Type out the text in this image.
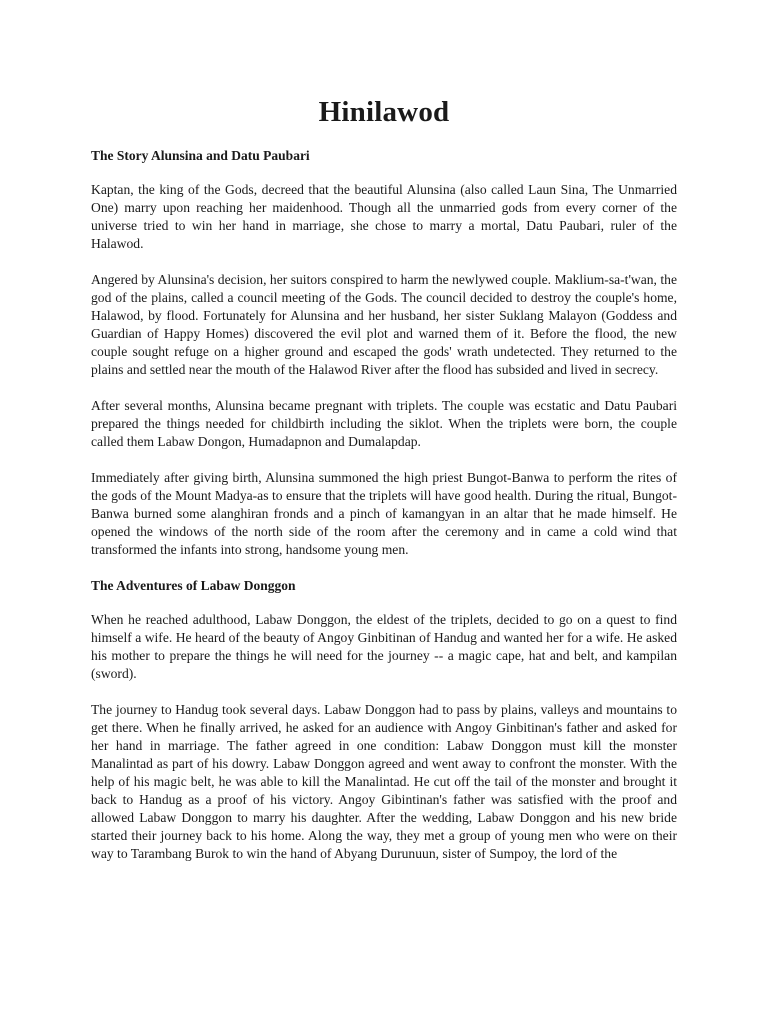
Hinilawod
The Story Alunsina and Datu Paubari

Kaptan, the king of the Gods, decreed that the beautiful Alunsina (also called Laun Sina, The Unmarried One) marry upon reaching her maidenhood. Though all the unmarried gods from every corner of the universe tried to win her hand in marriage, she chose to marry a mortal, Datu Paubari, ruler of the Halawod.

Angered by Alunsina's decision, her suitors conspired to harm the newlywed couple. Maklium-sa-t'wan, the god of the plains, called a council meeting of the Gods. The council decided to destroy the couple's home, Halawod, by flood. Fortunately for Alunsina and her husband, her sister Suklang Malayon (Goddess and Guardian of Happy Homes) discovered the evil plot and warned them of it. Before the flood, the new couple sought refuge on a higher ground and escaped the gods' wrath undetected. They returned to the plains and settled near the mouth of the Halawod River after the flood has subsided and lived in secrecy.

After several months, Alunsina became pregnant with triplets. The couple was ecstatic and Datu Paubari prepared the things needed for childbirth including the siklot. When the triplets were born, the couple called them Labaw Dongon, Humadapnon and Dumalapdap.

Immediately after giving birth, Alunsina summoned the high priest Bungot-Banwa to perform the rites of the gods of the Mount Madya-as to ensure that the triplets will have good health. During the ritual, Bungot-Banwa burned some alanghiran fronds and a pinch of kamangyan in an altar that he made himself. He opened the windows of the north side of the room after the ceremony and in came a cold wind that transformed the infants into strong, handsome young men.

The Adventures of Labaw Donggon

When he reached adulthood, Labaw Donggon, the eldest of the triplets, decided to go on a quest to find himself a wife. He heard of the beauty of Angoy Ginbitinan of Handug and wanted her for a wife. He asked his mother to prepare the things he will need for the journey -- a magic cape, hat and belt, and kampilan (sword).

The journey to Handug took several days. Labaw Donggon had to pass by plains, valleys and mountains to get there. When he finally arrived, he asked for an audience with Angoy Ginbitinan's father and asked for her hand in marriage. The father agreed in one condition: Labaw Donggon must kill the monster Manalintad as part of his dowry. Labaw Donggon agreed and went away to confront the monster. With the help of his magic belt, he was able to kill the Manalintad. He cut off the tail of the monster and brought it back to Handug as a proof of his victory. Angoy Gibintinan's father was satisfied with the proof and allowed Labaw Donggon to marry his daughter. After the wedding, Labaw Donggon and his new bride started their journey back to his home. Along the way, they met a group of young men who were on their way to Tarambang Burok to win the hand of Abyang Durunuun, sister of Sumpoy, the lord of the
